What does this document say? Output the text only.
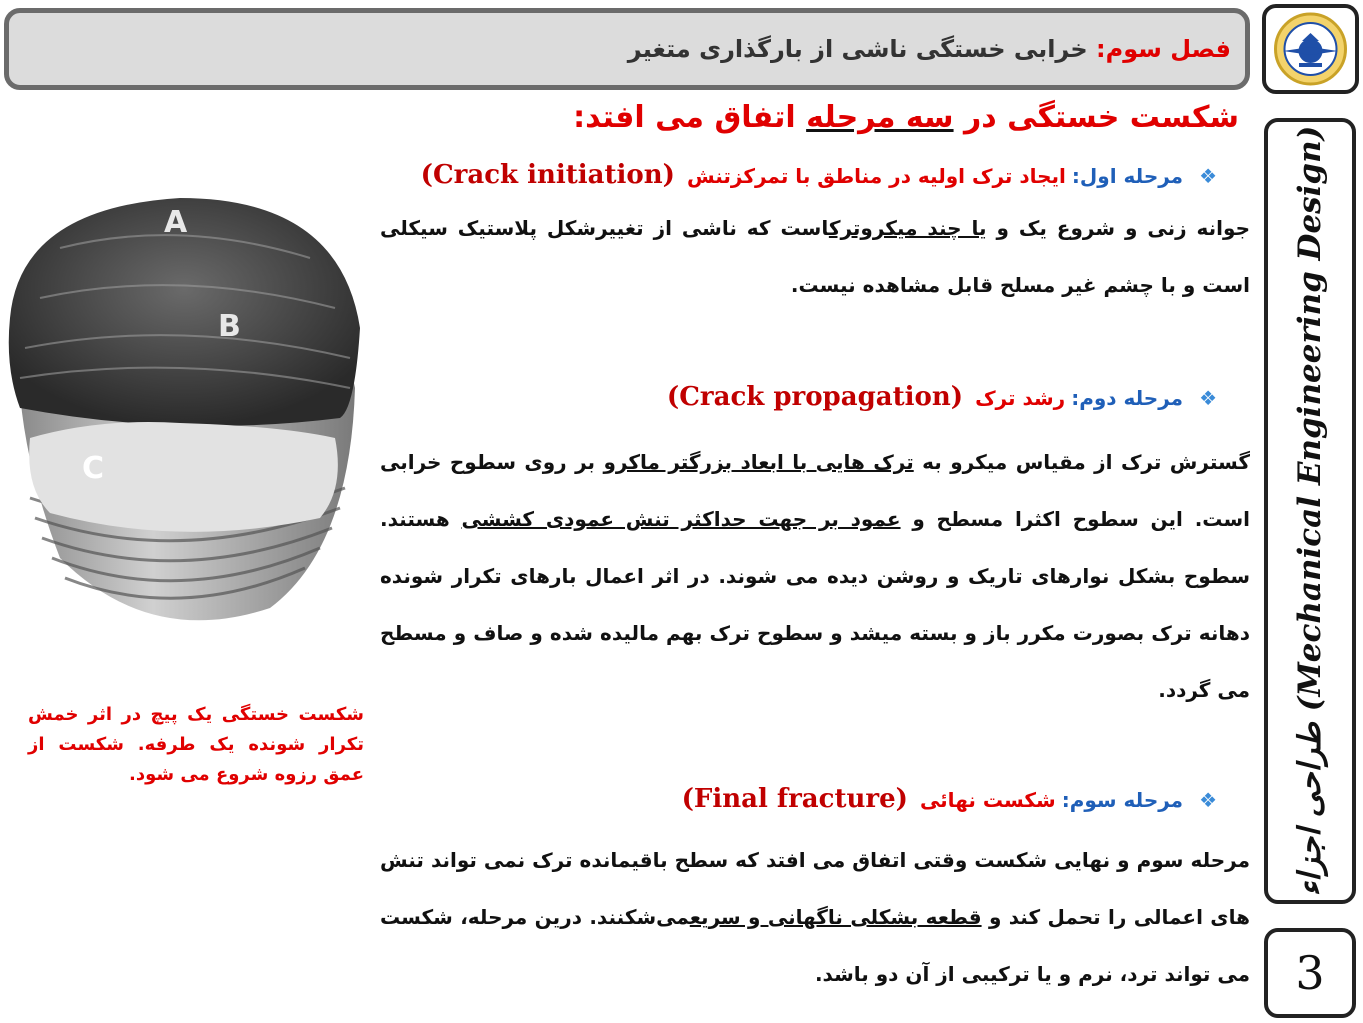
فصل سوم:

خرابی خستگی ناشی از بارگذاری متغیر
طراحی اجزاء (Mechanical Engineering Design)
3
شکست خستگی در سه مرحله اتفاق می افتد:
❖
مرحله اول:
ایجاد ترک اولیه در مناطق با تمرکزتنش
(Crack initiation)
جوانه زنی و شروع یک و یا چند میکروترکاست که ناشی از تغییرشکل پلاستیک سیکلی است و با چشم غیر مسلح قابل مشاهده نیست.
❖
مرحله دوم:
رشد ترک
(Crack propagation)
گسترش ترک از مقیاس میکرو به ترک هایی با ابعاد بزرگتر ماکرو بر روی سطوح خرابی است. این سطوح اکثرا مسطح و عمود بر جهت حداکثر تنش عمودی کششی هستند. سطوح بشکل نوارهای تاریک و روشن دیده می شوند. در اثر اعمال بارهای تکرار شونده دهانه ترک بصورت مکرر باز و بسته میشد و سطوح ترک بهم مالیده شده و صاف و مسطح می گردد.
❖
مرحله سوم:
شکست نهائی
(Final fracture)
مرحله سوم و نهایی شکست وقتی اتفاق می افتد که سطح باقیمانده ترک نمی تواند تنش های اعمالی را تحمل کند و قطعه بشکلی ناگهانی و سریعمی‌شکنند. درین مرحله، شکست می تواند ترد، نرم و یا ترکیبی از آن دو باشد.
A
B
C
شکست خستگی یک پیچ در اثر خمش تکرار شونده یک طرفه. شکست از عمق رزوه شروع می شود.
